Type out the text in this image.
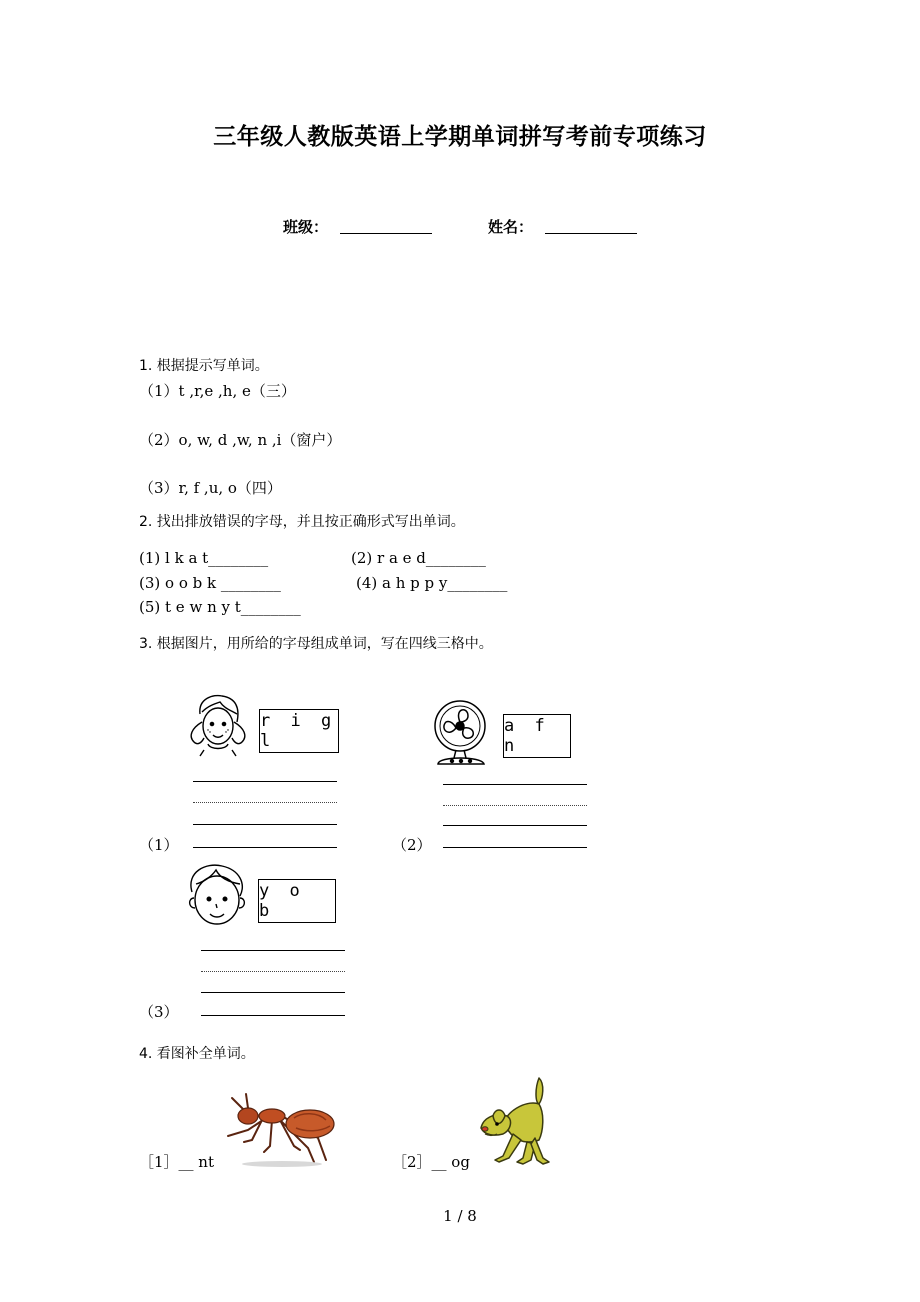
三年级人教版英语上学期单词拼写考前专项练习
班级：	姓名：
1. 根据提示写单词。
（1）t ,r,e ,h, e（三）
（2）o, w, d ,w, n ,i（窗户）
（3）r, f ,u, o（四）
2. 找出排放错误的字母，并且按正确形式写出单词。
(1) l k a t________	(2) r a e d________
(3) o o b k ________	(4) a h p p y________
(5) t e w n y t________
3. 根据图片，用所给的字母组成单词，写在四线三格中。
r i g l
（1）
a f n
（2）
y o b
（3）
4. 看图补全单词。
［1］__ nt	［2］__ og
1 / 8
